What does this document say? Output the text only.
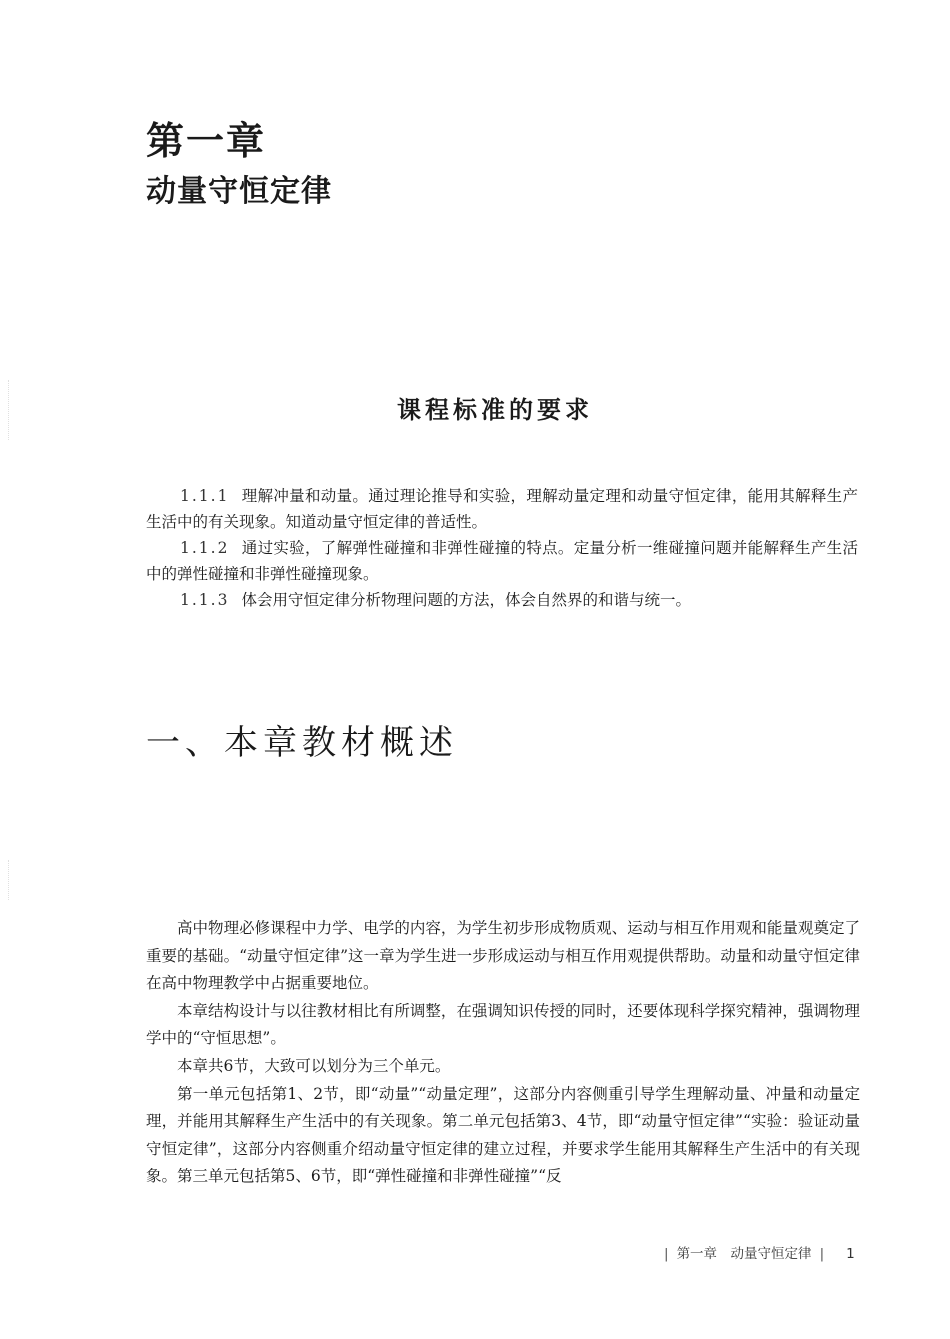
第一章
动量守恒定律
课程标准的要求

1.1.1 理解冲量和动量。通过理论推导和实验，理解动量定理和动量守恒定律，能用其解释生产生活中的有关现象。知道动量守恒定律的普适性。

1.1.2 通过实验，了解弹性碰撞和非弹性碰撞的特点。定量分析一维碰撞问题并能解释生产生活中的弹性碰撞和非弹性碰撞现象。

1.1.3 体会用守恒定律分析物理问题的方法，体会自然界的和谐与统一。

一、本章教材概述

高中物理必修课程中力学、电学的内容，为学生初步形成物质观、运动与相互作用观和能量观奠定了重要的基础。“动量守恒定律”这一章为学生进一步形成运动与相互作用观提供帮助。动量和动量守恒定律在高中物理教学中占据重要地位。

本章结构设计与以往教材相比有所调整，在强调知识传授的同时，还要体现科学探究精神，强调物理学中的“守恒思想”。

本章共6节，大致可以划分为三个单元。

第一单元包括第1、2节，即“动量”“动量定理”，这部分内容侧重引导学生理解动量、冲量和动量定理，并能用其解释生产生活中的有关现象。第二单元包括第3、4节，即“动量守恒定律”“实验：验证动量守恒定律”，这部分内容侧重介绍动量守恒定律的建立过程，并要求学生能用其解释生产生活中的有关现象。第三单元包括第5、6节，即“弹性碰撞和非弹性碰撞”“反

| 第一章　动量守恒定律 | 1
